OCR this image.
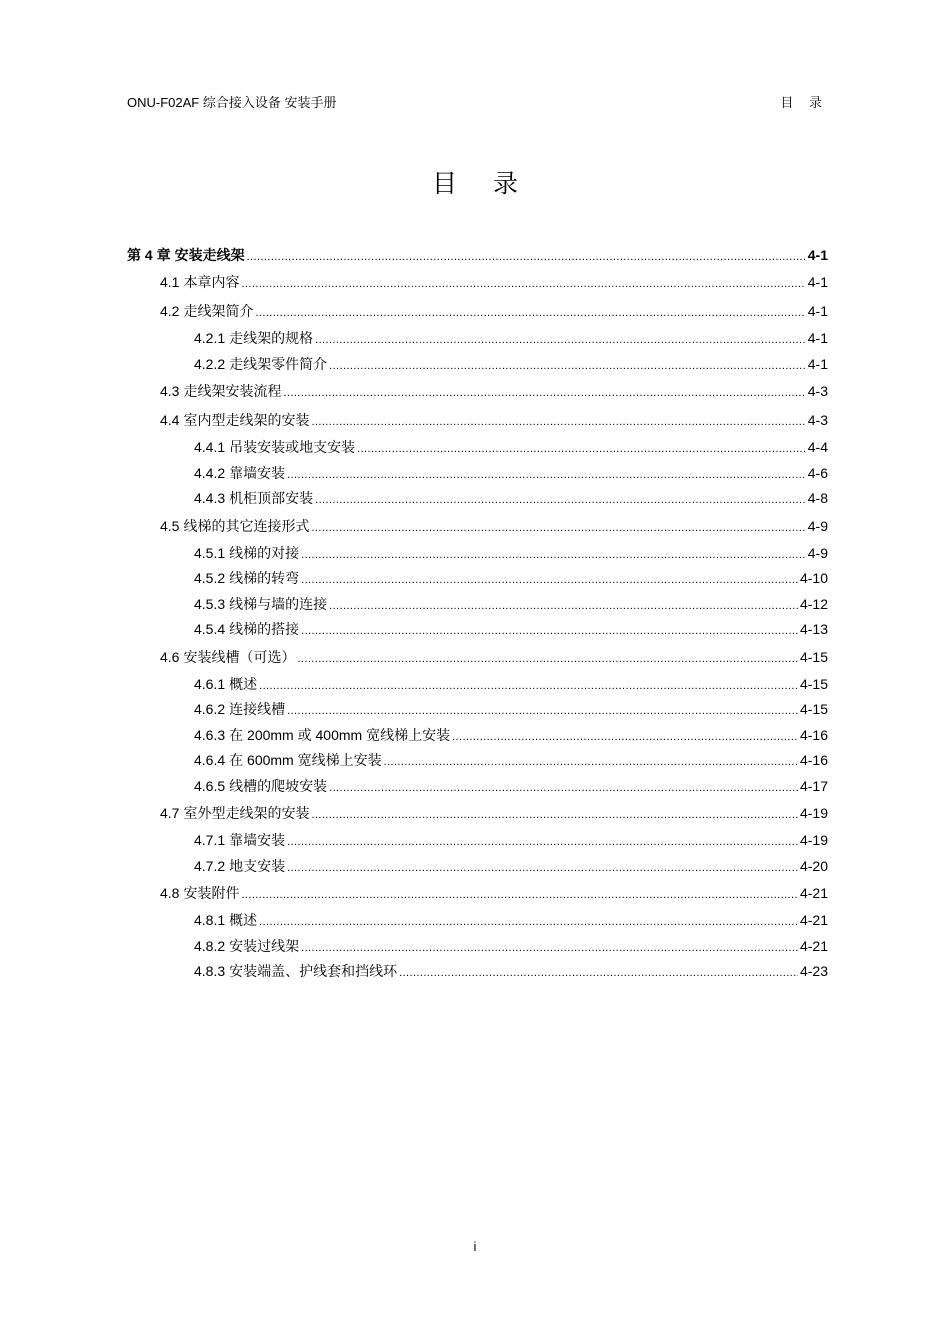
ONU-F02AF 综合接入设备 安装手册	目 录
目 录
第 4 章 安装走线架 .....	4-1
4.1 本章内容 .....	4-1
4.2 走线架简介 .....	4-1
4.2.1 走线架的规格 .....	4-1
4.2.2 走线架零件简介 .....	4-1
4.3 走线架安装流程 .....	4-3
4.4 室内型走线架的安装 .....	4-3
4.4.1 吊装安装或地支安装 .....	4-4
4.4.2 靠墙安装 .....	4-6
4.4.3 机柜顶部安装 .....	4-8
4.5 线梯的其它连接形式 .....	4-9
4.5.1 线梯的对接 .....	4-9
4.5.2 线梯的转弯 .....	4-10
4.5.3 线梯与墙的连接 .....	4-12
4.5.4 线梯的搭接 .....	4-13
4.6 安装线槽（可选） .....	4-15
4.6.1 概述 .....	4-15
4.6.2 连接线槽 .....	4-15
4.6.3 在 200mm 或 400mm 宽线梯上安装 .....	4-16
4.6.4 在 600mm 宽线梯上安装 .....	4-16
4.6.5 线槽的爬坡安装 .....	4-17
4.7 室外型走线架的安装 .....	4-19
4.7.1 靠墙安装 .....	4-19
4.7.2 地支安装 .....	4-20
4.8 安装附件 .....	4-21
4.8.1 概述 .....	4-21
4.8.2 安装过线架 .....	4-21
4.8.3 安装端盖、护线套和挡线环 .....	4-23
i
